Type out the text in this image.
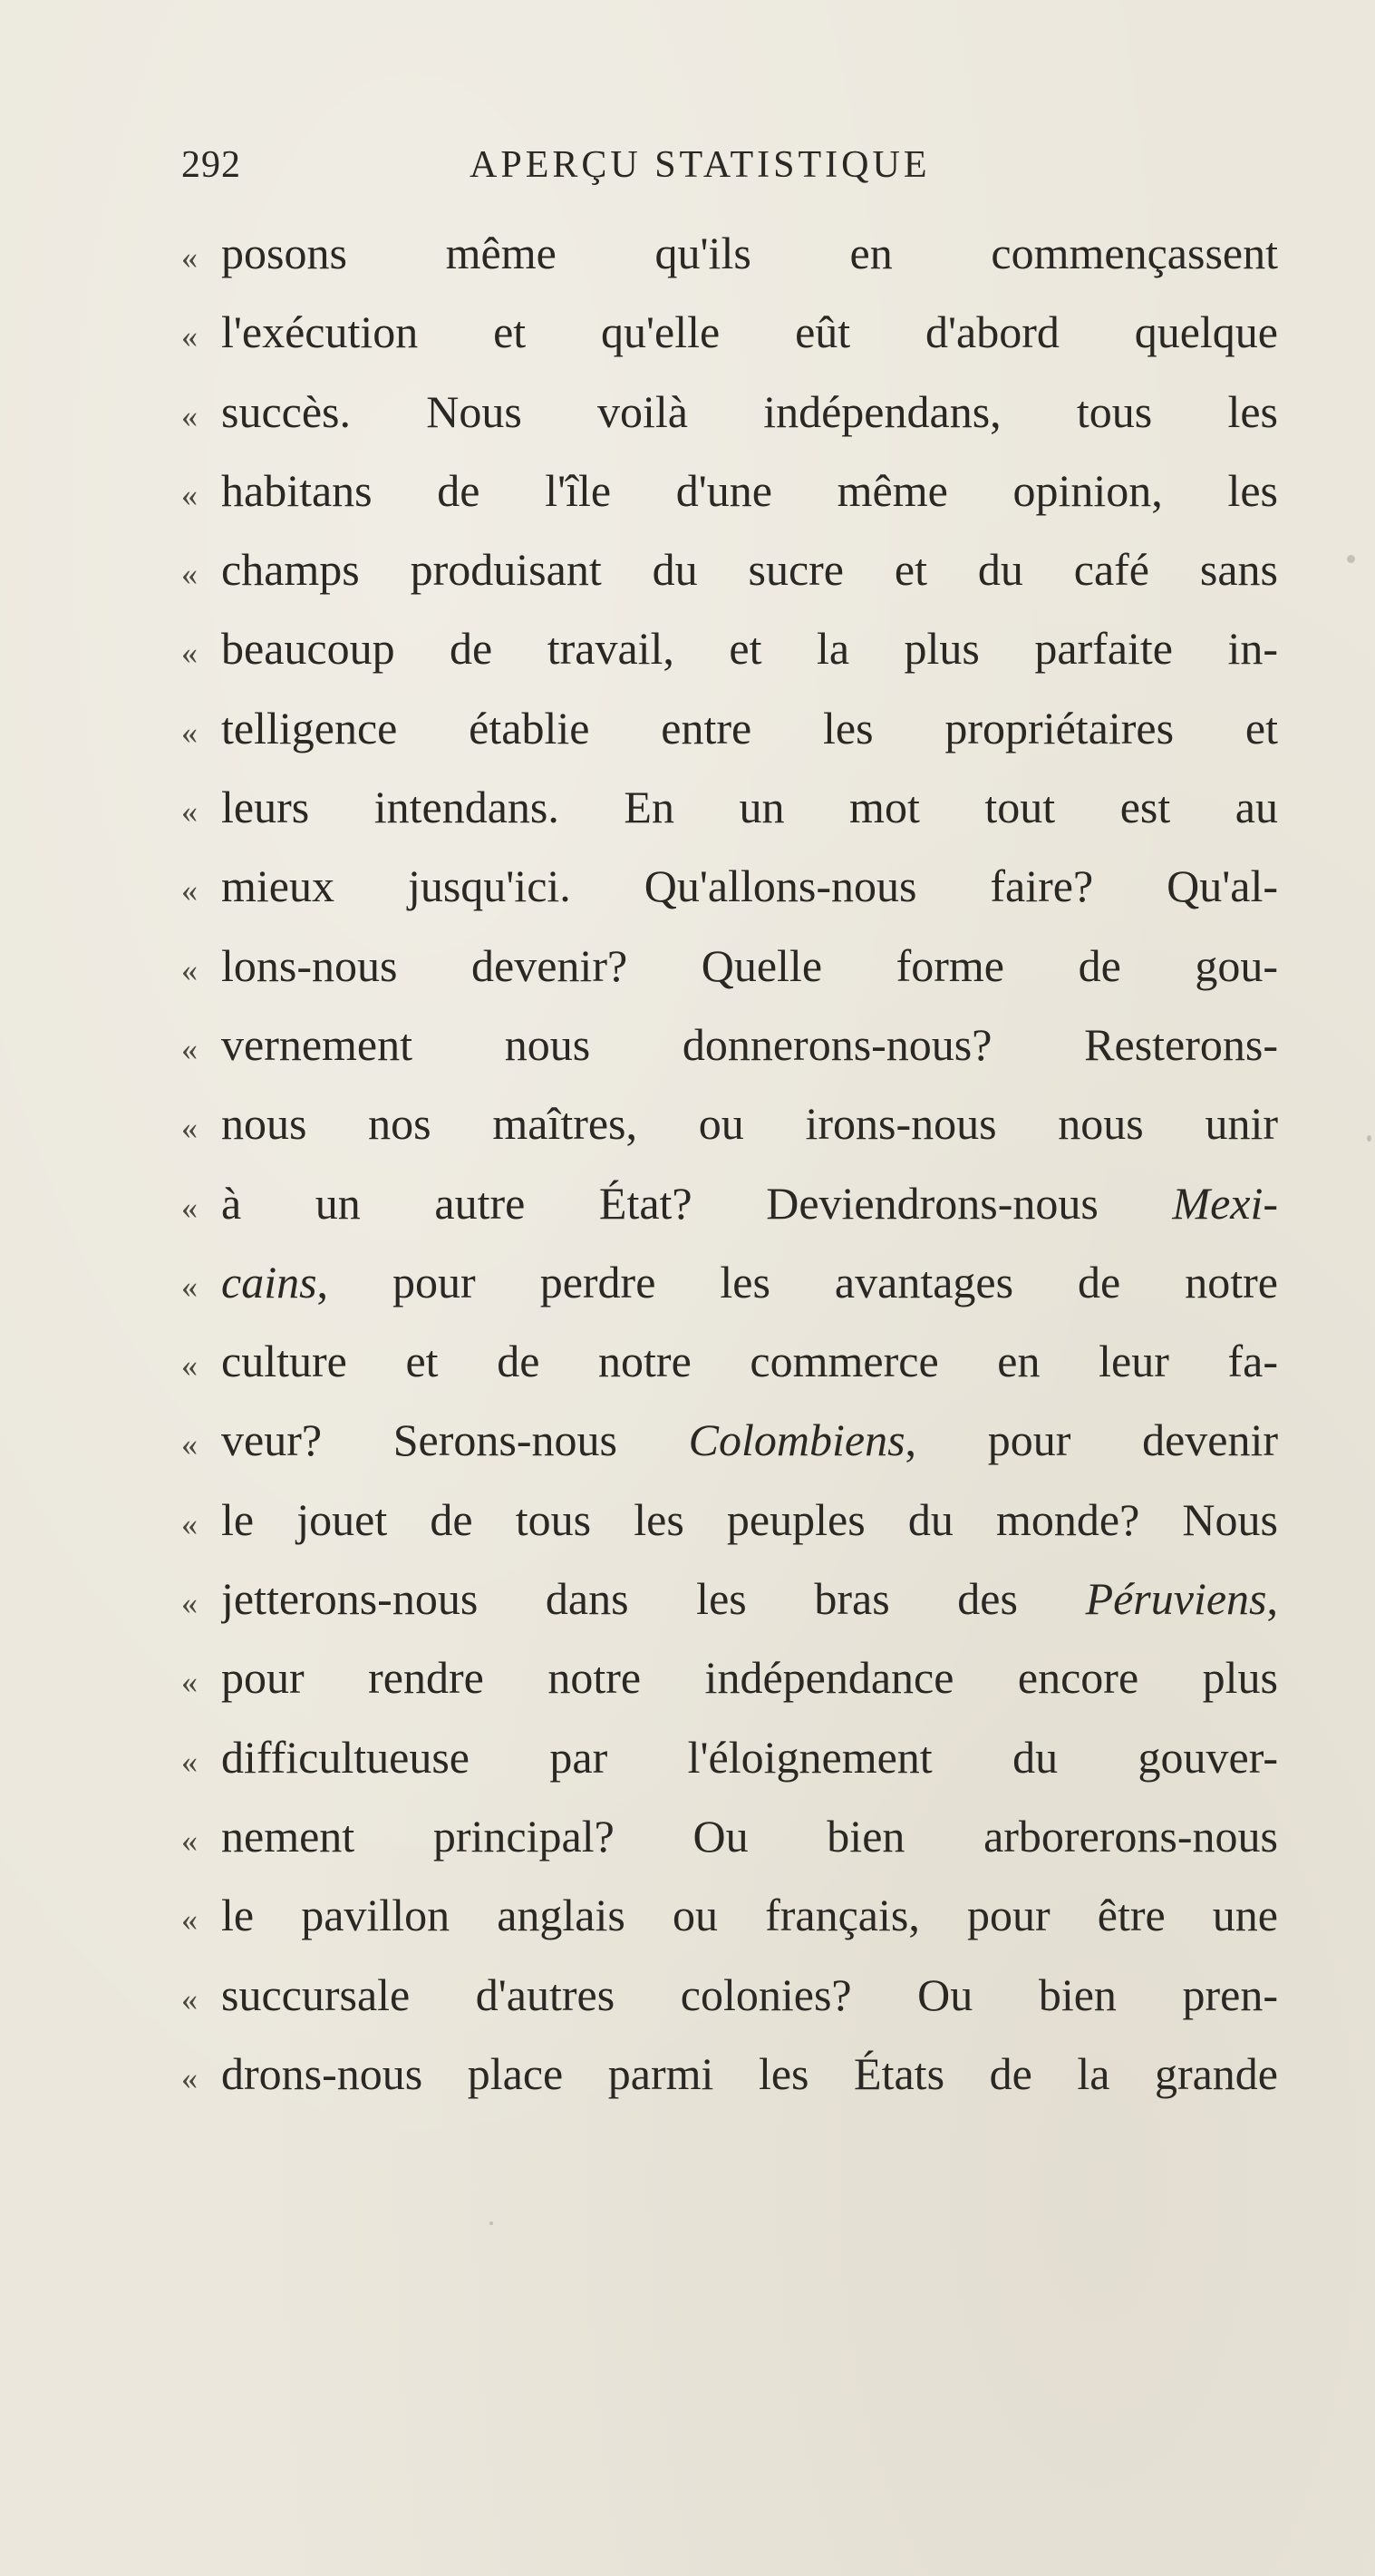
292	APERÇU STATISTIQUE
« posons même qu'ils en commençassent
« l'exécution et qu'elle eût d'abord quelque
« succès. Nous voilà indépendans, tous les
« habitans de l'île d'une même opinion, les
« champs produisant du sucre et du café sans
« beaucoup de travail, et la plus parfaite in-
« telligence établie entre les propriétaires et
« leurs intendans. En un mot tout est au
« mieux jusqu'ici. Qu'allons-nous faire? Qu'al-
« lons-nous devenir? Quelle forme de gou-
« vernement nous donnerons-nous? Resterons-
« nous nos maîtres, ou irons-nous nous unir
« à un autre État? Deviendrons-nous Mexi-
« cains, pour perdre les avantages de notre
« culture et de notre commerce en leur fa-
« veur? Serons-nous Colombiens, pour devenir
« le jouet de tous les peuples du monde? Nous
« jetterons-nous dans les bras des Péruviens,
« pour rendre notre indépendance encore plus
« difficultueuse par l'éloignement du gouver-
« nement principal? Ou bien arborerons-nous
« le pavillon anglais ou français, pour être une
« succursale d'autres colonies? Ou bien pren-
« drons-nous place parmi les États de la grande
